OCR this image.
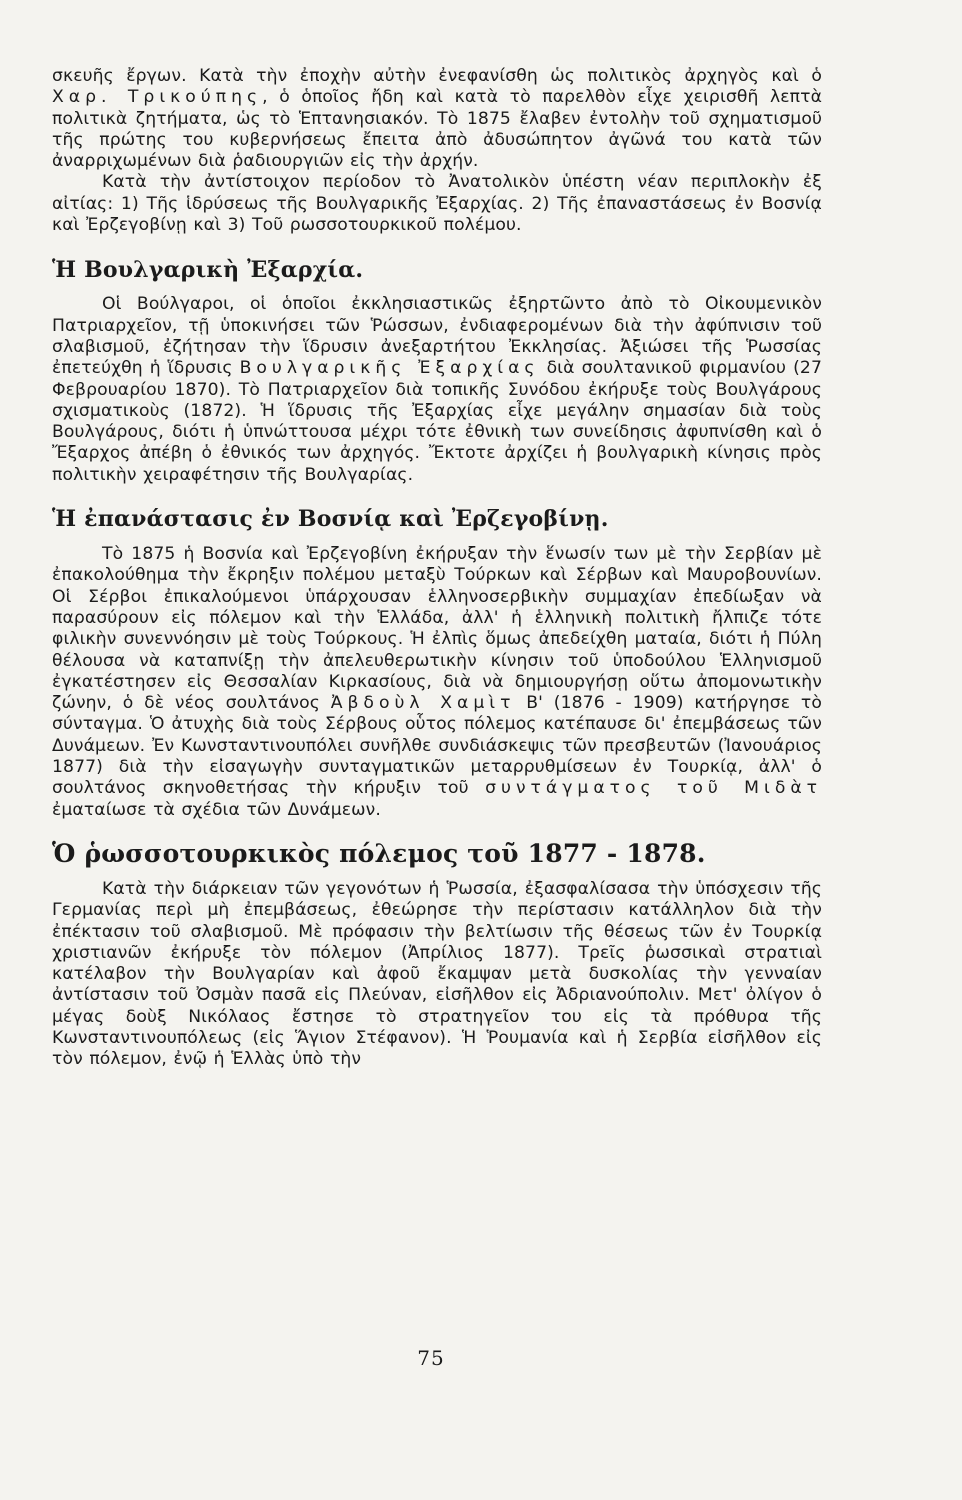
σκευῆς ἔργων. Κατὰ τὴν ἐποχὴν αὐτὴν ἐνεφανίσθη ὡς πολιτικὸς ἀρχηγὸς καὶ ὁ Χαρ. Τρικούπης, ὁ ὁποῖος ἤδη καὶ κατὰ τὸ παρελθὸν εἶχε χειρισθῆ λεπτὰ πολιτικὰ ζητήματα, ὡς τὸ Ἑπτανησιακόν. Τὸ 1875 ἔλαβεν ἐντολὴν τοῦ σχηματισμοῦ τῆς πρώτης του κυβερνήσεως ἔπειτα ἀπὸ ἀδυσώπητον ἀγῶνά του κατὰ τῶν ἀναρριχωμένων διὰ ῥαδιουργιῶν εἰς τὴν ἀρχήν.

Κατὰ τὴν ἀντίστοιχον περίοδον τὸ Ἀνατολικὸν ὑπέστη νέαν περιπλοκὴν ἐξ αἰτίας: 1) Τῆς ἱδρύσεως τῆς Βουλγαρικῆς Ἐξαρχίας. 2) Τῆς ἐπαναστάσεως ἐν Βοσνίᾳ καὶ Ἐρζεγοβίνῃ καὶ 3) Τοῦ ρωσσοτουρκικοῦ πολέμου.

Ἡ Βουλγαρικὴ Ἐξαρχία.

Οἱ Βούλγαροι, οἱ ὁποῖοι ἐκκλησιαστικῶς ἐξηρτῶντο ἀπὸ τὸ Οἰκουμενικὸν Πατριαρχεῖον, τῇ ὑποκινήσει τῶν Ῥώσσων, ἐνδιαφερομένων διὰ τὴν ἀφύπνισιν τοῦ σλαβισμοῦ, ἐζήτησαν τὴν ἵδρυσιν ἀνεξαρτήτου Ἐκκλησίας. Ἀξιώσει τῆς Ῥωσσίας ἐπετεύχθη ἡ ἵδρυσις Βουλγαρικῆς Ἐξαρχίας διὰ σουλτανικοῦ φιρμανίου (27 Φεβρουαρίου 1870). Τὸ Πατριαρχεῖον διὰ τοπικῆς Συνόδου ἐκήρυξε τοὺς Βουλγάρους σχισματικοὺς (1872). Ἡ ἵδρυσις τῆς Ἐξαρχίας εἶχε μεγάλην σημασίαν διὰ τοὺς Βουλγάρους, διότι ἡ ὑπνώττουσα μέχρι τότε ἐθνικὴ των συνείδησις ἀφυπνίσθη καὶ ὁ Ἔξαρχος ἀπέβη ὁ ἐθνικός των ἀρχηγός. Ἔκτοτε ἀρχίζει ἡ βουλγαρικὴ κίνησις πρὸς πολιτικὴν χειραφέτησιν τῆς Βουλγαρίας.

Ἡ ἐπανάστασις ἐν Βοσνίᾳ καὶ Ἐρζεγοβίνῃ.

Τὸ 1875 ἡ Βοσνία καὶ Ἐρζεγοβίνη ἐκήρυξαν τὴν ἕνωσίν των μὲ τὴν Σερβίαν μὲ ἐπακολούθημα τὴν ἔκρηξιν πολέμου μεταξὺ Τούρκων καὶ Σέρβων καὶ Μαυροβουνίων. Οἱ Σέρβοι ἐπικαλούμενοι ὑπάρχουσαν ἑλληνοσερβικὴν συμμαχίαν ἐπεδίωξαν νὰ παρασύρουν εἰς πόλεμον καὶ τὴν Ἑλλάδα, ἀλλ' ἡ ἑλληνικὴ πολιτικὴ ἤλπιζε τότε φιλικὴν συνεννόησιν μὲ τοὺς Τούρκους. Ἡ ἐλπὶς ὅμως ἀπεδείχθη ματαία, διότι ἡ Πύλη θέλουσα νὰ καταπνίξῃ τὴν ἀπελευθερωτικὴν κίνησιν τοῦ ὑποδούλου Ἑλληνισμοῦ ἐγκατέστησεν εἰς Θεσσαλίαν Κιρκασίους, διὰ νὰ δημιουργήσῃ οὕτω ἀπομονωτικὴν ζώνην, ὁ δὲ νέος σουλτάνος Ἀβδοὺλ Χαμὶτ Β' (1876 - 1909) κατήργησε τὸ σύνταγμα. Ὁ ἀτυχὴς διὰ τοὺς Σέρβους οὗτος πόλεμος κατέπαυσε δι' ἐπεμβάσεως τῶν Δυνάμεων. Ἐν Κωνσταντινουπόλει συνῆλθε συνδιάσκεψις τῶν πρεσβευτῶν (Ἰανουάριος 1877) διὰ τὴν εἰσαγωγὴν συνταγματικῶν μεταρρυθμίσεων ἐν Τουρκίᾳ, ἀλλ' ὁ σουλτάνος σκηνοθετήσας τὴν κήρυξιν τοῦ συντάγματος τοῦ Μιδὰτ ἐματαίωσε τὰ σχέδια τῶν Δυνάμεων.

Ὁ ῥωσσοτουρκικὸς πόλεμος τοῦ 1877 - 1878.

Κατὰ τὴν διάρκειαν τῶν γεγονότων ἡ Ῥωσσία, ἐξασφαλίσασα τὴν ὑπόσχεσιν τῆς Γερμανίας περὶ μὴ ἐπεμβάσεως, ἐθεώρησε τὴν περίστασιν κατάλληλον διὰ τὴν ἐπέκτασιν τοῦ σλαβισμοῦ. Μὲ πρόφασιν τὴν βελτίωσιν τῆς θέσεως τῶν ἐν Τουρκίᾳ χριστιανῶν ἐκήρυξε τὸν πόλεμον (Ἀπρίλιος 1877). Τρεῖς ῥωσσικαὶ στρατιαὶ κατέλαβον τὴν Βουλγαρίαν καὶ ἀφοῦ ἔκαμψαν μετὰ δυσκολίας τὴν γενναίαν ἀντίστασιν τοῦ Ὀσμὰν πασᾶ εἰς Πλεύναν, εἰσῆλθον εἰς Ἀδριανούπολιν. Μετ' ὀλίγον ὁ μέγας δοὺξ Νικόλαος ἔστησε τὸ στρατηγεῖον του εἰς τὰ πρόθυρα τῆς Κωνσταντινουπόλεως (εἰς Ἅγιον Στέφανον). Ἡ Ῥουμανία καὶ ἡ Σερβία εἰσῆλθον εἰς τὸν πόλεμον, ἐνῷ ἡ Ἑλλὰς ὑπὸ τὴν

75
